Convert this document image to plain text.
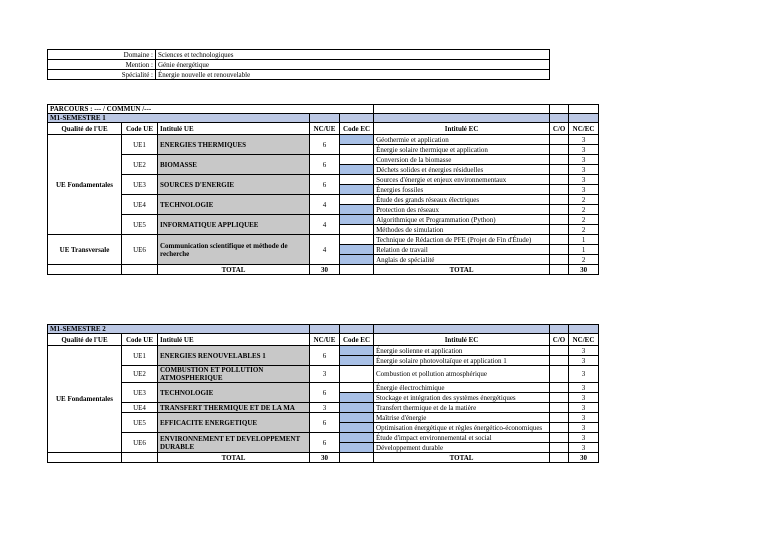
Domaine :	Sciences et technologiques
Mention :	Génie énergétique
Spécialité :	Énergie nouvelle et renouvelable
PARCOURS : --- / COMMUN /---							
M1-SEMESTRE 1							
Qualité de l'UE	Code UE	Intitulé UE	NC/UE	Code EC	Intitulé EC	C/O	NC/EC
UE Fondamentales	UE1	ENERGIES THERMIQUES	6		Géothermie et application		3
					Énergie solaire thermique et application		3
	UE2	BIOMASSE	6		Conversion de la biomasse		3
					Déchets solides et énergies résiduelles		3
	UE3	SOURCES D'ENERGIE	6		Sources d'énergie et enjeux environnementaux		3
					Énergies fossiles		3
	UE4	TECHNOLOGIE	4		Étude des grands réseaux électriques		2
					Protection des réseaux		2
	UE5	INFORMATIQUE APPLIQUEE	4		Algorithmique et Programmation (Python)		2
					Méthodes de simulation		2
UE Transversale	UE6	Communication scientifique et méthode de recherche	4		Technique de Rédaction de PFE (Projet de Fin d'Étude)		1
					Relation de travail		1
					Anglais de spécialité		2
		TOTAL	30		TOTAL		30
M1-SEMESTRE 2							
Qualité de l'UE	Code UE	Intitulé UE	NC/UE	Code EC	Intitulé EC	C/O	NC/EC
UE Fondamentales	UE1	ENERGIES RENOUVELABLES 1	6		Énergie solienne et application		3
					Énergie solaire photovoltaïque et application 1		3
	UE2	COMBUSTION ET POLLUTION ATMOSPHERIQUE	3		Combustion et pollution atmosphérique		3

	UE3	TECHNOLOGIE	6		Énergie électrochimique		3
					Stockage et intégration des systèmes énergétiques		3
	UE4	TRANSFERT THERMIQUE ET DE LA MA	3		Transfert thermique et de la matière		3
	UE5	EFFICACITE ENERGETIQUE	6		Maîtrise d'énergie		3
					Optimisation énergétique et règles énergético-économiques		3

	UE6	ENVIRONNEMENT ET DEVELOPPEMENT DURABLE	6		Étude d'impact environnemental et social		3
					Développement durable		3
		TOTAL	30		TOTAL		30
